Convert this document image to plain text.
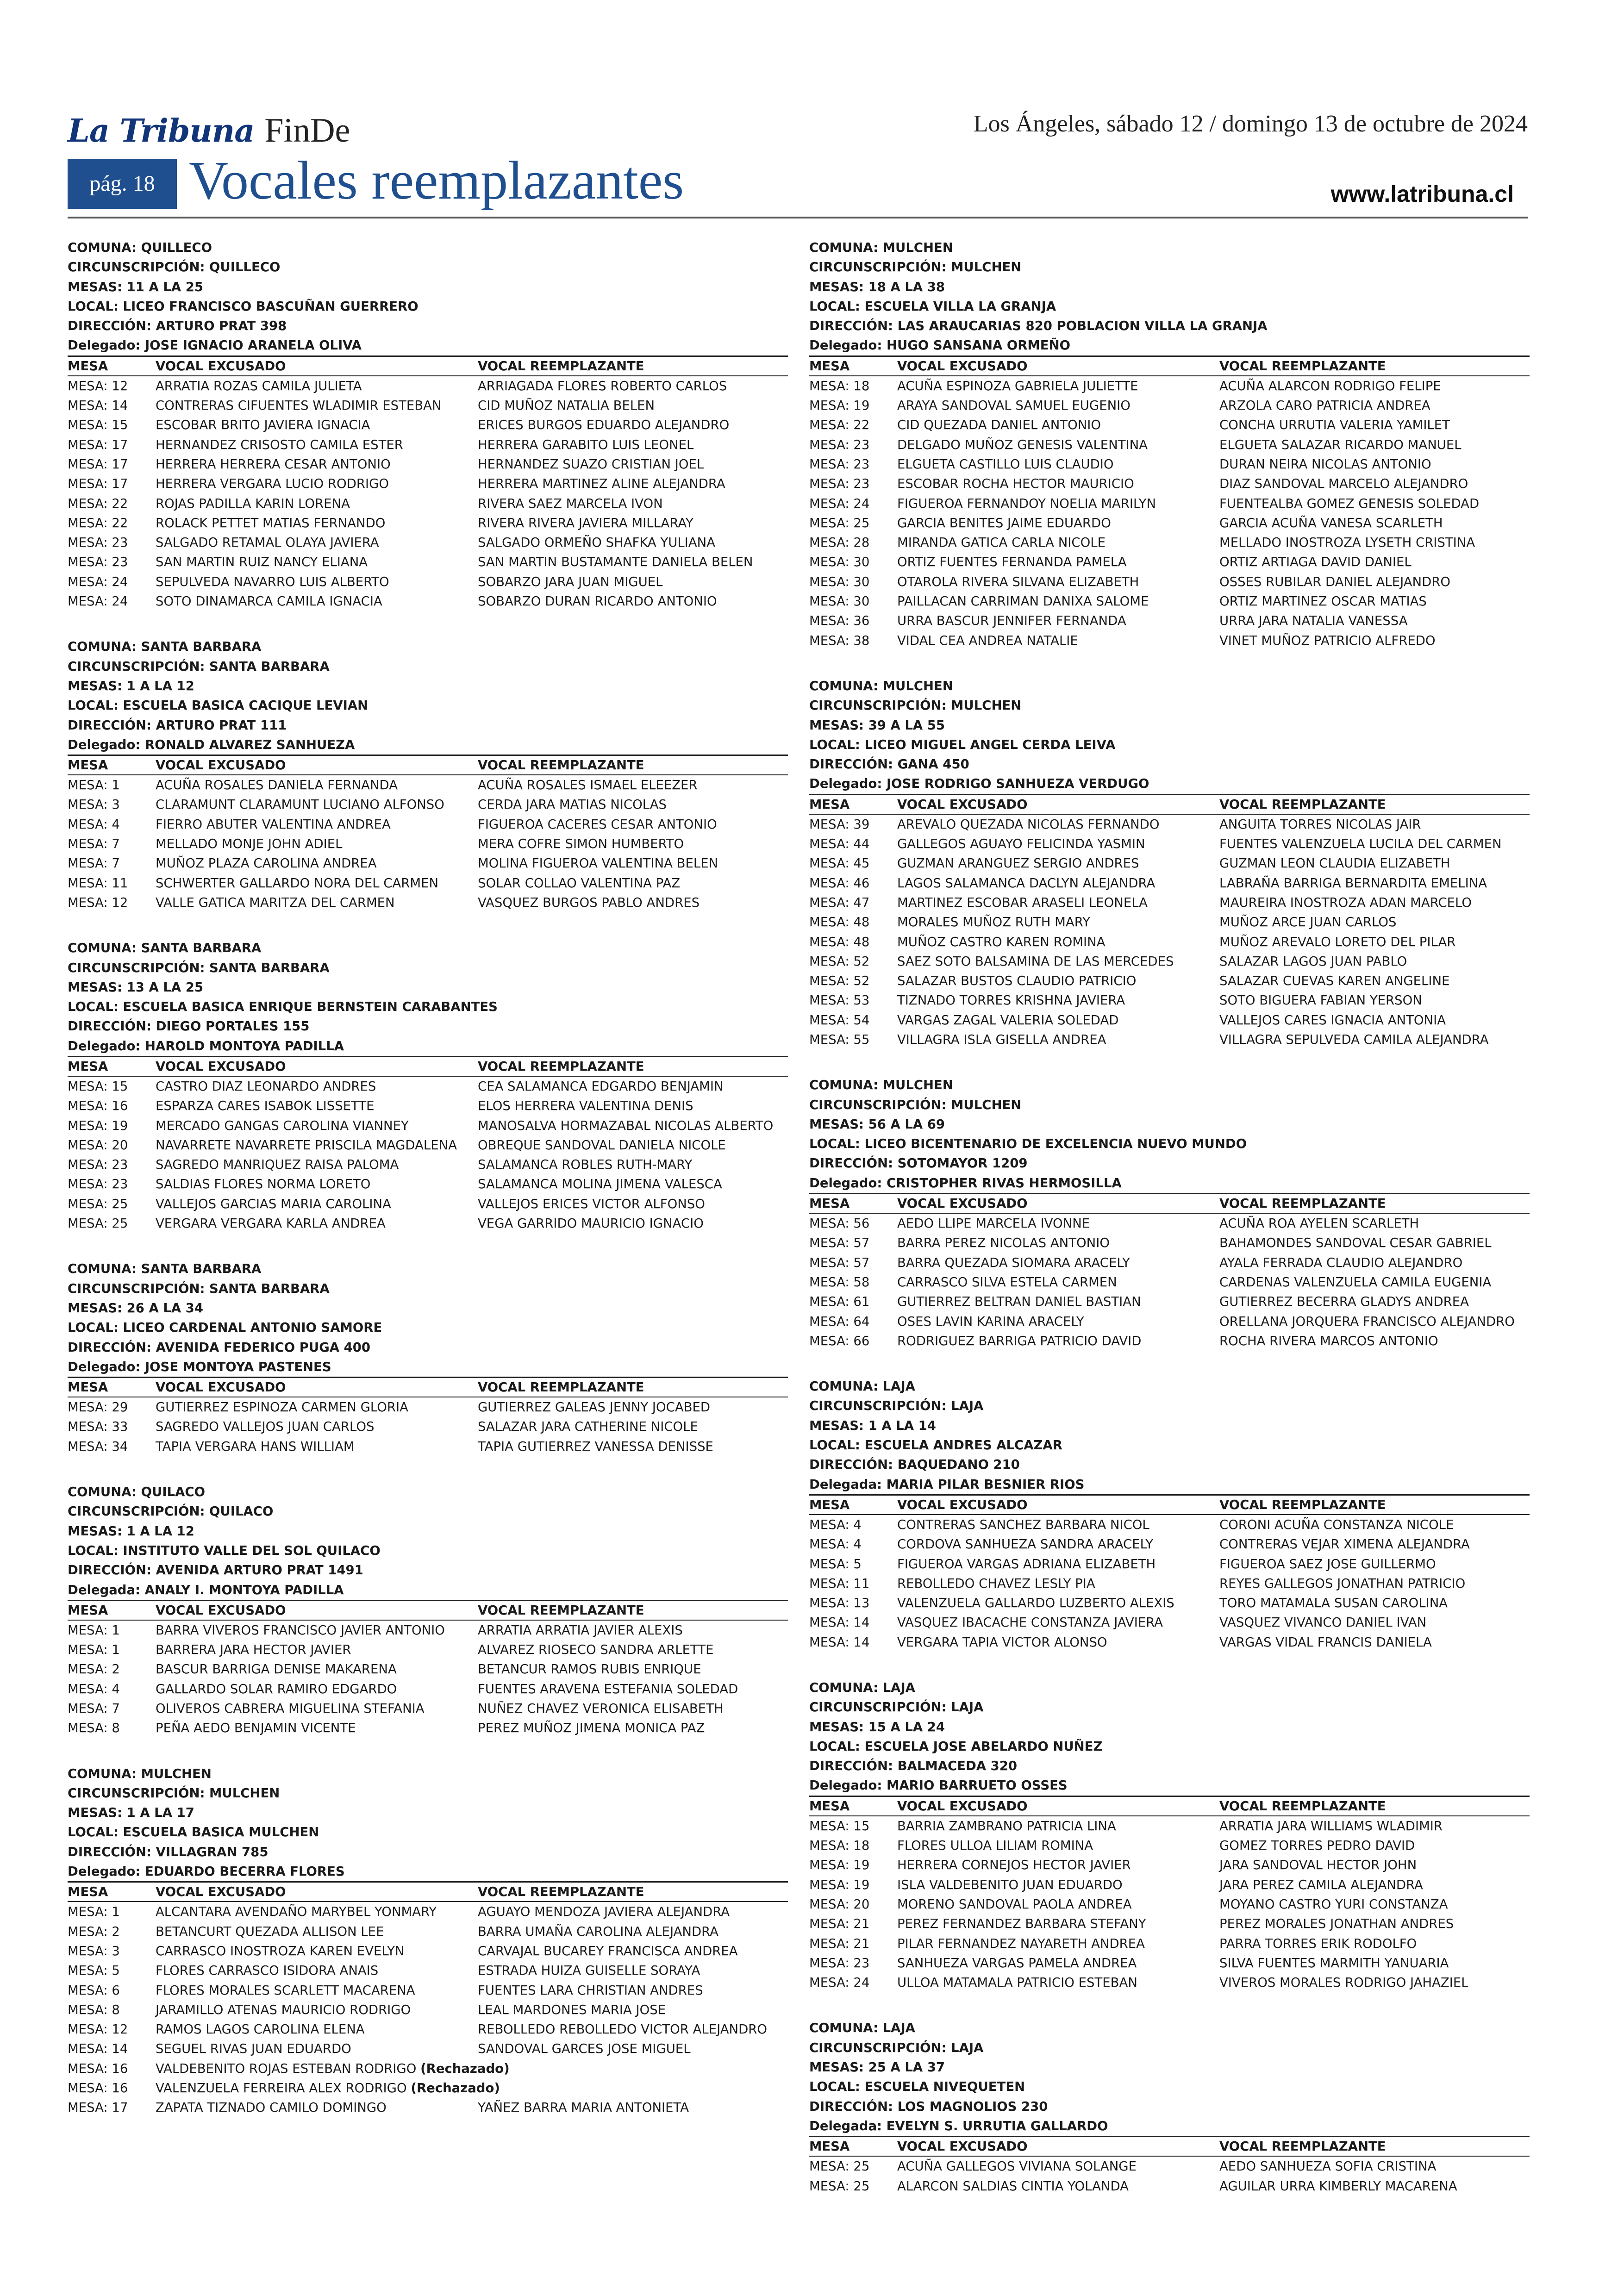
La Tribuna FinDe	Los Ángeles, sábado 12 / domingo 13 de octubre de 2024
pág. 18 Vocales reemplazantes	www.latribuna.cl
COMUNA: QUILLECO
CIRCUNSCRIPCIÓN: QUILLECO
MESAS: 11 A LA 25
LOCAL: LICEO FRANCISCO BASCUÑAN GUERRERO
DIRECCIÓN: ARTURO PRAT 398
Delegado: JOSE IGNACIO ARANELA OLIVA
MESA	VOCAL EXCUSADO	VOCAL REEMPLAZANTE
MESA: 12	ARRATIA ROZAS CAMILA JULIETA	ARRIAGADA FLORES ROBERTO CARLOS
MESA: 14	CONTRERAS CIFUENTES WLADIMIR ESTEBAN	CID MUÑOZ NATALIA BELEN
MESA: 15	ESCOBAR BRITO JAVIERA IGNACIA	ERICES BURGOS EDUARDO ALEJANDRO
MESA: 17	HERNANDEZ CRISOSTO CAMILA ESTER	HERRERA GARABITO LUIS LEONEL
MESA: 17	HERRERA HERRERA CESAR ANTONIO	HERNANDEZ SUAZO CRISTIAN JOEL
MESA: 17	HERRERA VERGARA LUCIO RODRIGO	HERRERA MARTINEZ ALINE ALEJANDRA
MESA: 22	ROJAS PADILLA KARIN LORENA	RIVERA SAEZ MARCELA IVON
MESA: 22	ROLACK PETTET MATIAS FERNANDO	RIVERA RIVERA JAVIERA MILLARAY
MESA: 23	SALGADO RETAMAL OLAYA JAVIERA	SALGADO ORMEÑO SHAFKA YULIANA
MESA: 23	SAN MARTIN RUIZ NANCY ELIANA	SAN MARTIN BUSTAMANTE DANIELA BELEN
MESA: 24	SEPULVEDA NAVARRO LUIS ALBERTO	SOBARZO JARA JUAN MIGUEL
MESA: 24	SOTO DINAMARCA CAMILA IGNACIA	SOBARZO DURAN RICARDO ANTONIO
COMUNA: SANTA BARBARA
CIRCUNSCRIPCIÓN: SANTA BARBARA
MESAS: 1 A LA 12
LOCAL: ESCUELA BASICA CACIQUE LEVIAN
DIRECCIÓN: ARTURO PRAT 111
Delegado: RONALD ALVAREZ SANHUEZA
MESA	VOCAL EXCUSADO	VOCAL REEMPLAZANTE
MESA: 1	ACUÑA ROSALES DANIELA FERNANDA	ACUÑA ROSALES ISMAEL ELEEZER
MESA: 3	CLARAMUNT CLARAMUNT LUCIANO ALFONSO	CERDA JARA MATIAS NICOLAS
MESA: 4	FIERRO ABUTER VALENTINA ANDREA	FIGUEROA CACERES CESAR ANTONIO
MESA: 7	MELLADO MONJE JOHN ADIEL	MERA COFRE SIMON HUMBERTO
MESA: 7	MUÑOZ PLAZA CAROLINA ANDREA	MOLINA FIGUEROA VALENTINA BELEN
MESA: 11	SCHWERTER GALLARDO NORA DEL CARMEN	SOLAR COLLAO VALENTINA PAZ
MESA: 12	VALLE GATICA MARITZA DEL CARMEN	VASQUEZ BURGOS PABLO ANDRES
COMUNA: SANTA BARBARA
CIRCUNSCRIPCIÓN: SANTA BARBARA
MESAS: 13 A LA 25
LOCAL: ESCUELA BASICA ENRIQUE BERNSTEIN CARABANTES
DIRECCIÓN: DIEGO PORTALES 155
Delegado: HAROLD MONTOYA PADILLA
MESA	VOCAL EXCUSADO	VOCAL REEMPLAZANTE
MESA: 15	CASTRO DIAZ LEONARDO ANDRES	CEA SALAMANCA EDGARDO BENJAMIN
MESA: 16	ESPARZA CARES ISABOK LISSETTE	ELOS HERRERA VALENTINA DENIS
MESA: 19	MERCADO GANGAS CAROLINA VIANNEY	MANOSALVA HORMAZABAL NICOLAS ALBERTO
MESA: 20	NAVARRETE NAVARRETE PRISCILA MAGDALENA	OBREQUE SANDOVAL DANIELA NICOLE
MESA: 23	SAGREDO MANRIQUEZ RAISA PALOMA	SALAMANCA ROBLES RUTH-MARY
MESA: 23	SALDIAS FLORES NORMA LORETO	SALAMANCA MOLINA JIMENA VALESCA
MESA: 25	VALLEJOS GARCIAS MARIA CAROLINA	VALLEJOS ERICES VICTOR ALFONSO
MESA: 25	VERGARA VERGARA KARLA ANDREA	VEGA GARRIDO MAURICIO IGNACIO
COMUNA: SANTA BARBARA
CIRCUNSCRIPCIÓN: SANTA BARBARA
MESAS: 26 A LA 34
LOCAL: LICEO CARDENAL ANTONIO SAMORE
DIRECCIÓN: AVENIDA FEDERICO PUGA 400
Delegado: JOSE MONTOYA PASTENES
MESA	VOCAL EXCUSADO	VOCAL REEMPLAZANTE
MESA: 29	GUTIERREZ ESPINOZA CARMEN GLORIA	GUTIERREZ GALEAS JENNY JOCABED
MESA: 33	SAGREDO VALLEJOS JUAN CARLOS	SALAZAR JARA CATHERINE NICOLE
MESA: 34	TAPIA VERGARA HANS WILLIAM	TAPIA GUTIERREZ VANESSA DENISSE
COMUNA: QUILACO
CIRCUNSCRIPCIÓN: QUILACO
MESAS: 1 A LA 12
LOCAL: INSTITUTO VALLE DEL SOL QUILACO
DIRECCIÓN: AVENIDA ARTURO PRAT 1491
Delegada: ANALY I. MONTOYA PADILLA
MESA	VOCAL EXCUSADO	VOCAL REEMPLAZANTE
MESA: 1	BARRA VIVEROS FRANCISCO JAVIER ANTONIO	ARRATIA ARRATIA JAVIER ALEXIS
MESA: 1	BARRERA JARA HECTOR JAVIER	ALVAREZ RIOSECO SANDRA ARLETTE
MESA: 2	BASCUR BARRIGA DENISE MAKARENA	BETANCUR RAMOS RUBIS ENRIQUE
MESA: 4	GALLARDO SOLAR RAMIRO EDGARDO	FUENTES ARAVENA ESTEFANIA SOLEDAD
MESA: 7	OLIVEROS CABRERA MIGUELINA STEFANIA	NUÑEZ CHAVEZ VERONICA ELISABETH
MESA: 8	PEÑA AEDO BENJAMIN VICENTE	PEREZ MUÑOZ JIMENA MONICA PAZ
COMUNA: MULCHEN
CIRCUNSCRIPCIÓN: MULCHEN
MESAS: 1 A LA 17
LOCAL: ESCUELA BASICA MULCHEN
DIRECCIÓN: VILLAGRAN 785
Delegado: EDUARDO BECERRA FLORES
MESA	VOCAL EXCUSADO	VOCAL REEMPLAZANTE
MESA: 1	ALCANTARA AVENDAÑO MARYBEL YONMARY	AGUAYO MENDOZA JAVIERA ALEJANDRA
MESA: 2	BETANCURT QUEZADA ALLISON LEE	BARRA UMAÑA CAROLINA ALEJANDRA
MESA: 3	CARRASCO INOSTROZA KAREN EVELYN	CARVAJAL BUCAREY FRANCISCA ANDREA
MESA: 5	FLORES CARRASCO ISIDORA ANAIS	ESTRADA HUIZA GUISELLE SORAYA
MESA: 6	FLORES MORALES SCARLETT MACARENA	FUENTES LARA CHRISTIAN ANDRES
MESA: 8	JARAMILLO ATENAS MAURICIO RODRIGO	LEAL MARDONES MARIA JOSE
MESA: 12	RAMOS LAGOS CAROLINA ELENA	REBOLLEDO REBOLLEDO VICTOR ALEJANDRO
MESA: 14	SEGUEL RIVAS JUAN EDUARDO	SANDOVAL GARCES JOSE MIGUEL
MESA: 16	VALDEBENITO ROJAS ESTEBAN RODRIGO (Rechazado)
MESA: 16	VALENZUELA FERREIRA ALEX RODRIGO (Rechazado)
MESA: 17	ZAPATA TIZNADO CAMILO DOMINGO	YAÑEZ BARRA MARIA ANTONIETA
COMUNA: MULCHEN
CIRCUNSCRIPCIÓN: MULCHEN
MESAS: 18 A LA 38
LOCAL: ESCUELA VILLA LA GRANJA
DIRECCIÓN: LAS ARAUCARIAS 820 POBLACION VILLA LA GRANJA
Delegado: HUGO SANSANA ORMEÑO
MESA	VOCAL EXCUSADO	VOCAL REEMPLAZANTE
MESA: 18	ACUÑA ESPINOZA GABRIELA JULIETTE	ACUÑA ALARCON RODRIGO FELIPE
MESA: 19	ARAYA SANDOVAL SAMUEL EUGENIO	ARZOLA CARO PATRICIA ANDREA
MESA: 22	CID QUEZADA DANIEL ANTONIO	CONCHA URRUTIA VALERIA YAMILET
MESA: 23	DELGADO MUÑOZ GENESIS VALENTINA	ELGUETA SALAZAR RICARDO MANUEL
MESA: 23	ELGUETA CASTILLO LUIS CLAUDIO	DURAN NEIRA NICOLAS ANTONIO
MESA: 23	ESCOBAR ROCHA HECTOR MAURICIO	DIAZ SANDOVAL MARCELO ALEJANDRO
MESA: 24	FIGUEROA FERNANDOY NOELIA MARILYN	FUENTEALBA GOMEZ GENESIS SOLEDAD
MESA: 25	GARCIA BENITES JAIME EDUARDO	GARCIA ACUÑA VANESA SCARLETH
MESA: 28	MIRANDA GATICA CARLA NICOLE	MELLADO INOSTROZA LYSETH CRISTINA
MESA: 30	ORTIZ FUENTES FERNANDA PAMELA	ORTIZ ARTIAGA DAVID DANIEL
MESA: 30	OTAROLA RIVERA SILVANA ELIZABETH	OSSES RUBILAR DANIEL ALEJANDRO
MESA: 30	PAILLACAN CARRIMAN DANIXA SALOME	ORTIZ MARTINEZ OSCAR MATIAS
MESA: 36	URRA BASCUR JENNIFER FERNANDA	URRA JARA NATALIA VANESSA
MESA: 38	VIDAL CEA ANDREA NATALIE	VINET MUÑOZ PATRICIO ALFREDO
COMUNA: MULCHEN
CIRCUNSCRIPCIÓN: MULCHEN
MESAS: 39 A LA 55
LOCAL: LICEO MIGUEL ANGEL CERDA LEIVA
DIRECCIÓN: GANA 450
Delegado: JOSE RODRIGO SANHUEZA VERDUGO
MESA	VOCAL EXCUSADO	VOCAL REEMPLAZANTE
MESA: 39	AREVALO QUEZADA NICOLAS FERNANDO	ANGUITA TORRES NICOLAS JAIR
MESA: 44	GALLEGOS AGUAYO FELICINDA YASMIN	FUENTES VALENZUELA LUCILA DEL CARMEN
MESA: 45	GUZMAN ARANGUEZ SERGIO ANDRES	GUZMAN LEON CLAUDIA ELIZABETH
MESA: 46	LAGOS SALAMANCA DACLYN ALEJANDRA	LABRAÑA BARRIGA BERNARDITA EMELINA
MESA: 47	MARTINEZ ESCOBAR ARASELI LEONELA	MAUREIRA INOSTROZA ADAN MARCELO
MESA: 48	MORALES MUÑOZ RUTH MARY	MUÑOZ ARCE JUAN CARLOS
MESA: 48	MUÑOZ CASTRO KAREN ROMINA	MUÑOZ AREVALO LORETO DEL PILAR
MESA: 52	SAEZ SOTO BALSAMINA DE LAS MERCEDES	SALAZAR LAGOS JUAN PABLO
MESA: 52	SALAZAR BUSTOS CLAUDIO PATRICIO	SALAZAR CUEVAS KAREN ANGELINE
MESA: 53	TIZNADO TORRES KRISHNA JAVIERA	SOTO BIGUERA FABIAN YERSON
MESA: 54	VARGAS ZAGAL VALERIA SOLEDAD	VALLEJOS CARES IGNACIA ANTONIA
MESA: 55	VILLAGRA ISLA GISELLA ANDREA	VILLAGRA SEPULVEDA CAMILA ALEJANDRA
COMUNA: MULCHEN
CIRCUNSCRIPCIÓN: MULCHEN
MESAS: 56 A LA 69
LOCAL: LICEO BICENTENARIO DE EXCELENCIA NUEVO MUNDO
DIRECCIÓN: SOTOMAYOR 1209
Delegado: CRISTOPHER RIVAS HERMOSILLA
MESA	VOCAL EXCUSADO	VOCAL REEMPLAZANTE
MESA: 56	AEDO LLIPE MARCELA IVONNE	ACUÑA ROA AYELEN SCARLETH
MESA: 57	BARRA PEREZ NICOLAS ANTONIO	BAHAMONDES SANDOVAL CESAR GABRIEL
MESA: 57	BARRA QUEZADA SIOMARA ARACELY	AYALA FERRADA CLAUDIO ALEJANDRO
MESA: 58	CARRASCO SILVA ESTELA CARMEN	CARDENAS VALENZUELA CAMILA EUGENIA
MESA: 61	GUTIERREZ BELTRAN DANIEL BASTIAN	GUTIERREZ BECERRA GLADYS ANDREA
MESA: 64	OSES LAVIN KARINA ARACELY	ORELLANA JORQUERA FRANCISCO ALEJANDRO
MESA: 66	RODRIGUEZ BARRIGA PATRICIO DAVID	ROCHA RIVERA MARCOS ANTONIO
COMUNA: LAJA
CIRCUNSCRIPCIÓN: LAJA
MESAS: 1 A LA 14
LOCAL: ESCUELA ANDRES ALCAZAR
DIRECCIÓN: BAQUEDANO 210
Delegada: MARIA PILAR BESNIER RIOS
MESA	VOCAL EXCUSADO	VOCAL REEMPLAZANTE
MESA: 4	CONTRERAS SANCHEZ BARBARA NICOL	CORONI ACUÑA CONSTANZA NICOLE
MESA: 4	CORDOVA SANHUEZA SANDRA ARACELY	CONTRERAS VEJAR XIMENA ALEJANDRA
MESA: 5	FIGUEROA VARGAS ADRIANA ELIZABETH	FIGUEROA SAEZ JOSE GUILLERMO
MESA: 11	REBOLLEDO CHAVEZ LESLY PIA	REYES GALLEGOS JONATHAN PATRICIO
MESA: 13	VALENZUELA GALLARDO LUZBERTO ALEXIS	TORO MATAMALA SUSAN CAROLINA
MESA: 14	VASQUEZ IBACACHE CONSTANZA JAVIERA	VASQUEZ VIVANCO DANIEL IVAN
MESA: 14	VERGARA TAPIA VICTOR ALONSO	VARGAS VIDAL FRANCIS DANIELA
COMUNA: LAJA
CIRCUNSCRIPCIÓN: LAJA
MESAS: 15 A LA 24
LOCAL: ESCUELA JOSE ABELARDO NUÑEZ
DIRECCIÓN: BALMACEDA 320
Delegado: MARIO BARRUETO OSSES
MESA	VOCAL EXCUSADO	VOCAL REEMPLAZANTE
MESA: 15	BARRIA ZAMBRANO PATRICIA LINA	ARRATIA JARA WILLIAMS WLADIMIR
MESA: 18	FLORES ULLOA LILIAM ROMINA	GOMEZ TORRES PEDRO DAVID
MESA: 19	HERRERA CORNEJOS HECTOR JAVIER	JARA SANDOVAL HECTOR JOHN
MESA: 19	ISLA VALDEBENITO JUAN EDUARDO	JARA PEREZ CAMILA ALEJANDRA
MESA: 20	MORENO SANDOVAL PAOLA ANDREA	MOYANO CASTRO YURI CONSTANZA
MESA: 21	PEREZ FERNANDEZ BARBARA STEFANY	PEREZ MORALES JONATHAN ANDRES
MESA: 21	PILAR FERNANDEZ NAYARETH ANDREA	PARRA TORRES ERIK RODOLFO
MESA: 23	SANHUEZA VARGAS PAMELA ANDREA	SILVA FUENTES MARMITH YANUARIA
MESA: 24	ULLOA MATAMALA PATRICIO ESTEBAN	VIVEROS MORALES RODRIGO JAHAZIEL
COMUNA: LAJA
CIRCUNSCRIPCIÓN: LAJA
MESAS: 25 A LA 37
LOCAL: ESCUELA NIVEQUETEN
DIRECCIÓN: LOS MAGNOLIOS 230
Delegada: EVELYN S. URRUTIA GALLARDO
MESA	VOCAL EXCUSADO	VOCAL REEMPLAZANTE
MESA: 25	ACUÑA GALLEGOS VIVIANA SOLANGE	AEDO SANHUEZA SOFIA CRISTINA
MESA: 25	ALARCON SALDIAS CINTIA YOLANDA	AGUILAR URRA KIMBERLY MACARENA
